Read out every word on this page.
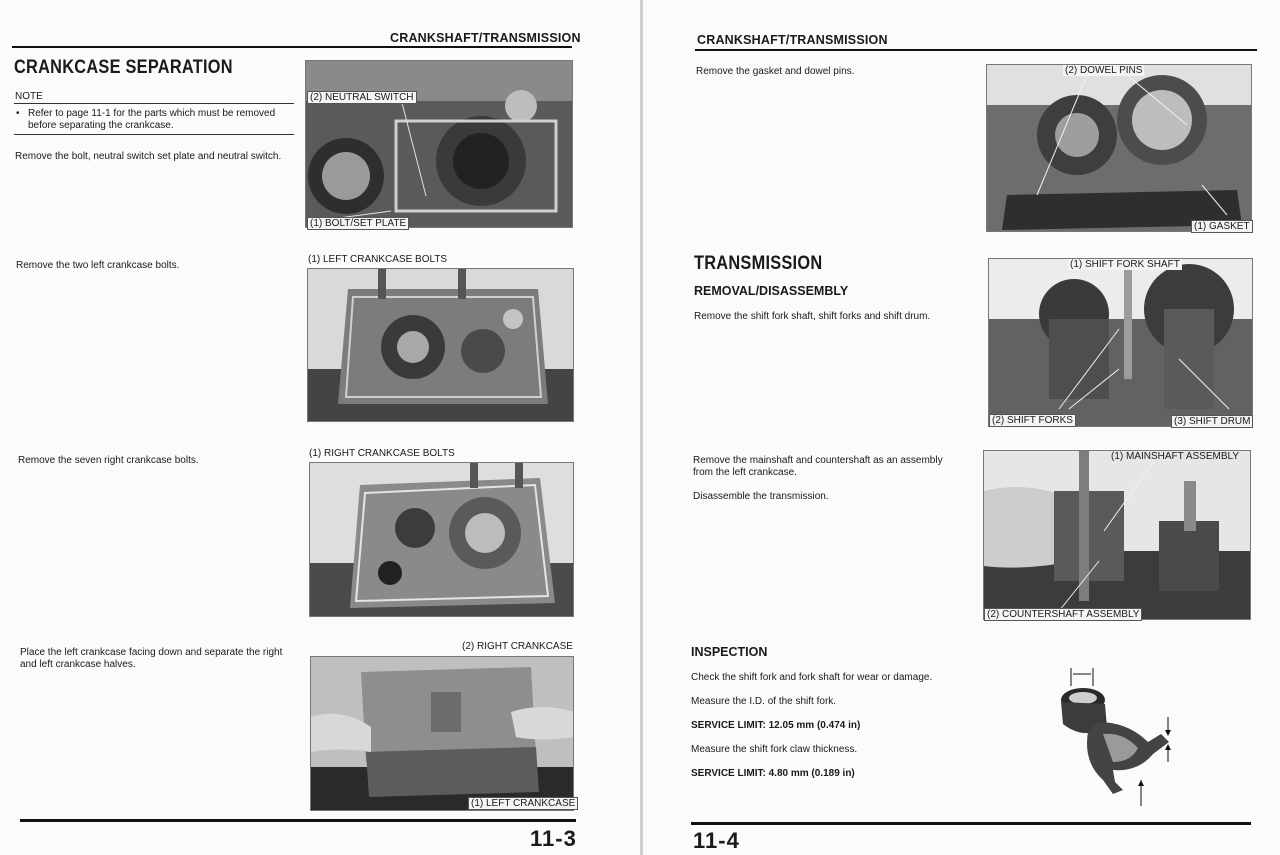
CRANKSHAFT/TRANSMISSION
CRANKCASE SEPARATION
NOTE
• Refer to page 11-1 for the parts which must be removed
before separating the crankcase.
Remove the bolt, neutral switch set plate and neutral switch.
Remove the two left crankcase bolts.
Remove the seven right crankcase bolts.
Place the left crankcase facing down and separate the right
and left crankcase halves.
(2) NEUTRAL SWITCH
(1) BOLT/SET PLATE
(1) LEFT CRANKCASE BOLTS
(1) RIGHT CRANKCASE BOLTS
(2) RIGHT CRANKCASE
(1) LEFT CRANKCASE
11-3
CRANKSHAFT/TRANSMISSION
Remove the gasket and dowel pins.	(2) DOWEL PINS
(1) GASKET
TRANSMISSION
REMOVAL/DISASSEMBLY
Remove the shift fork shaft, shift forks and shift drum.
(1) SHIFT FORK SHAFT
(2) SHIFT FORKS	(3) SHIFT DRUM
Remove the mainshaft and countershaft as an assembly
from the left crankcase.
Disassemble the transmission.
(1) MAINSHAFT ASSEMBLY
(2) COUNTERSHAFT ASSEMBLY
INSPECTION
Check the shift fork and fork shaft for wear or damage.
Measure the I.D. of the shift fork.
SERVICE LIMIT: 12.05 mm (0.474 in)
Measure the shift fork claw thickness.
SERVICE LIMIT: 4.80 mm (0.189 in)
11-4
